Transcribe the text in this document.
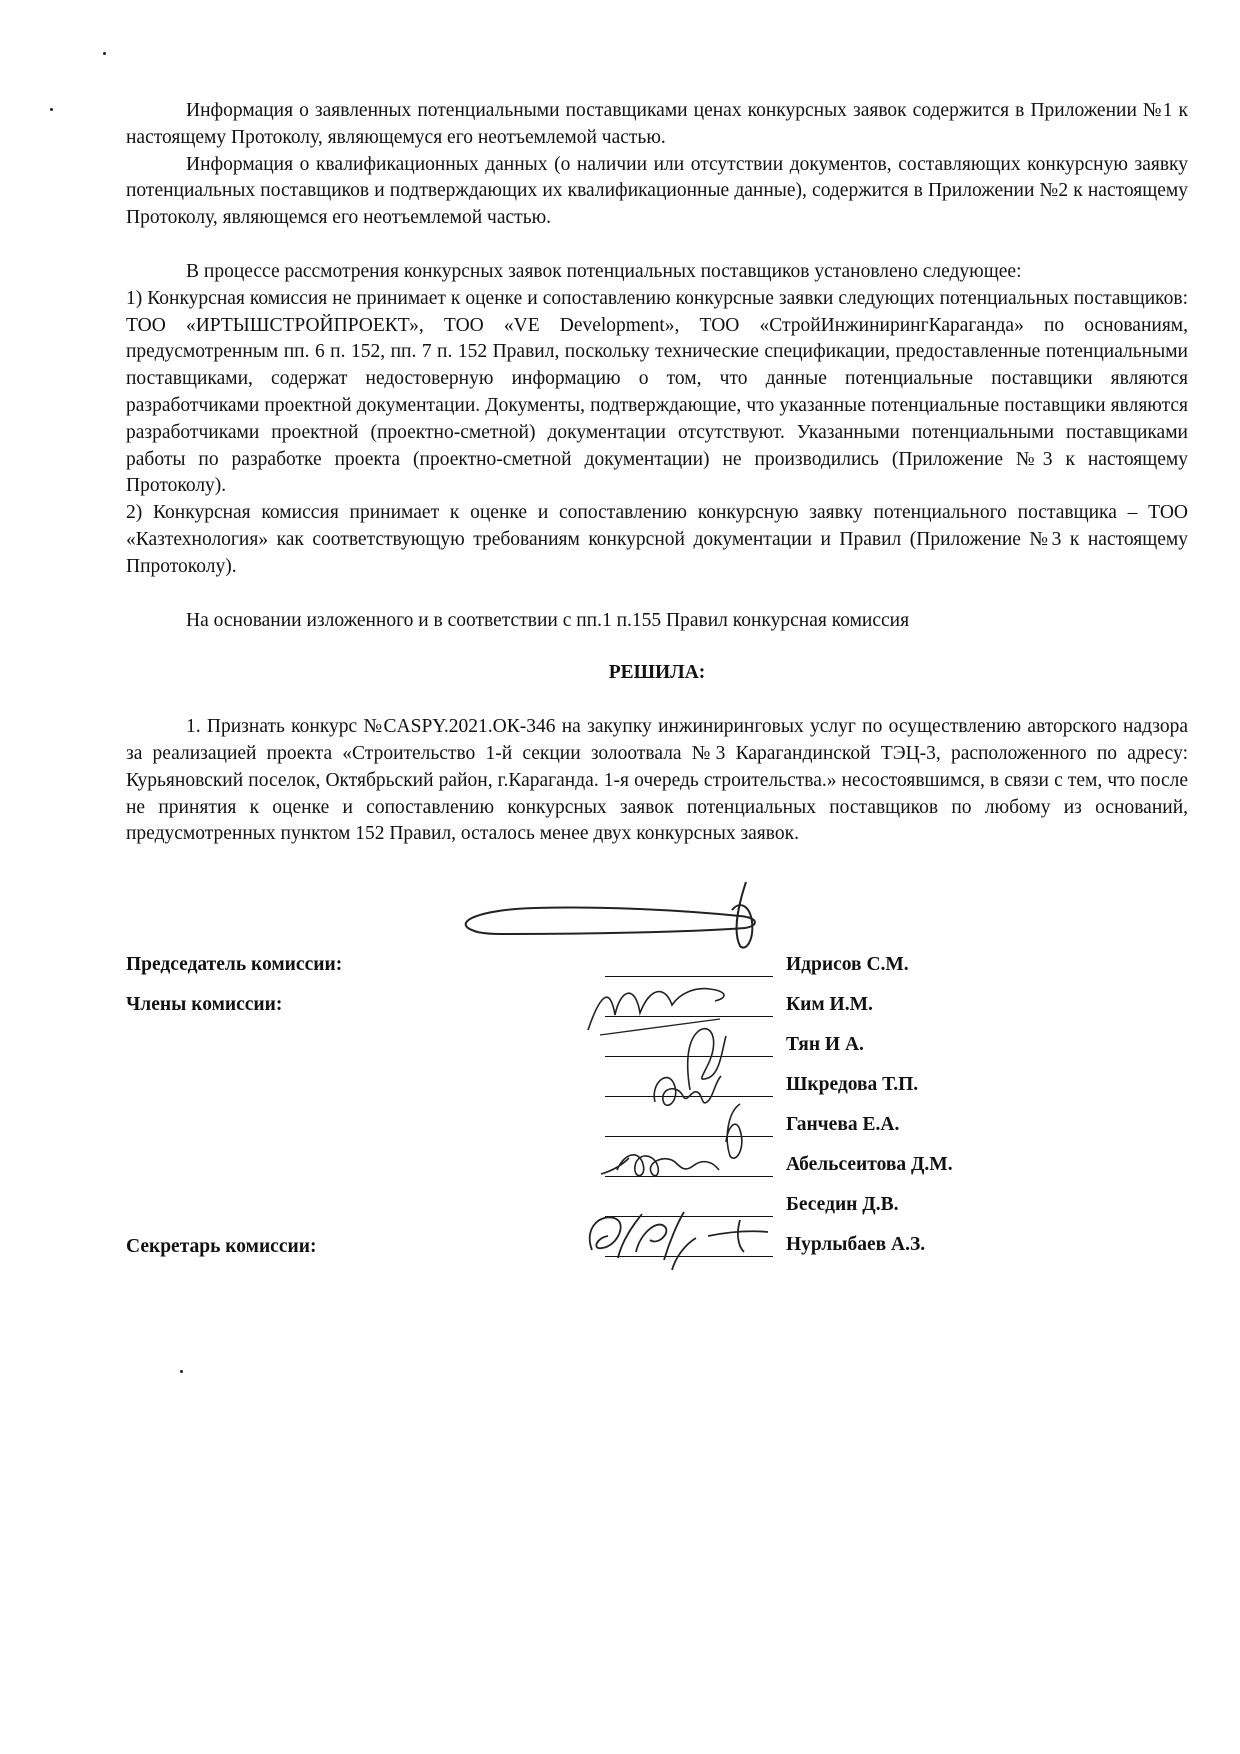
Информация о заявленных потенциальными поставщиками ценах конкурсных заявок содержится в Приложении №1 к настоящему Протоколу, являющемуся его неотъемлемой частью.

Информация о квалификационных данных (о наличии или отсутствии документов, составляющих конкурсную заявку потенциальных поставщиков и подтверждающих их квалификационные данные), содержится в Приложении №2 к настоящему Протоколу, являющемся его неотъемлемой частью.

В процессе рассмотрения конкурсных заявок потенциальных поставщиков установлено следующее:

1) Конкурсная комиссия не принимает к оценке и сопоставлению конкурсные заявки следующих потенциальных поставщиков: ТОО «ИРТЫШСТРОЙПРОЕКТ», ТОО «VE Development», ТОО «СтройИнжинирингКараганда» по основаниям, предусмотренным пп. 6 п. 152, пп. 7 п. 152 Правил, поскольку технические спецификации, предоставленные потенциальными поставщиками, содержат недостоверную информацию о том, что данные потенциальные поставщики являются разработчиками проектной документации. Документы, подтверждающие, что указанные потенциальные поставщики являются разработчиками проектной (проектно-сметной) документации отсутствуют. Указанными потенциальными поставщиками работы по разработке проекта (проектно-сметной документации) не производились (Приложение №3 к настоящему Протоколу).

2) Конкурсная комиссия принимает к оценке и сопоставлению конкурсную заявку потенциального поставщика – ТОО «Казтехнология» как соответствующую требованиям конкурсной документации и Правил (Приложение №3 к настоящему Ппротоколу).

На основании изложенного и в соответствии с пп.1 п.155 Правил конкурсная комиссия

РЕШИЛА:

1. Признать конкурс №CASPY.2021.ОК-346 на закупку инжиниринговых услуг по осуществлению авторского надзора за реализацией проекта «Строительство 1-й секции золоотвала №3 Карагандинской ТЭЦ-3, расположенного по адресу: Курьяновский поселок, Октябрьский район, г.Караганда. 1-я очередь строительства.» несостоявшимся, в связи с тем, что после не принятия к оценке и сопоставлению конкурсных заявок потенциальных поставщиков по любому из оснований, предусмотренных пунктом 152 Правил, осталось менее двух конкурсных заявок.

Председатель комиссии:
Члены комиссии:
Секретарь комиссии:
Идрисов С.М.
Ким И.М.
Тян И А.
Шкредова Т.П.
Ганчева Е.А.
Абельсеитова Д.М.
Беседин Д.В.
Нурлыбаев А.З.
